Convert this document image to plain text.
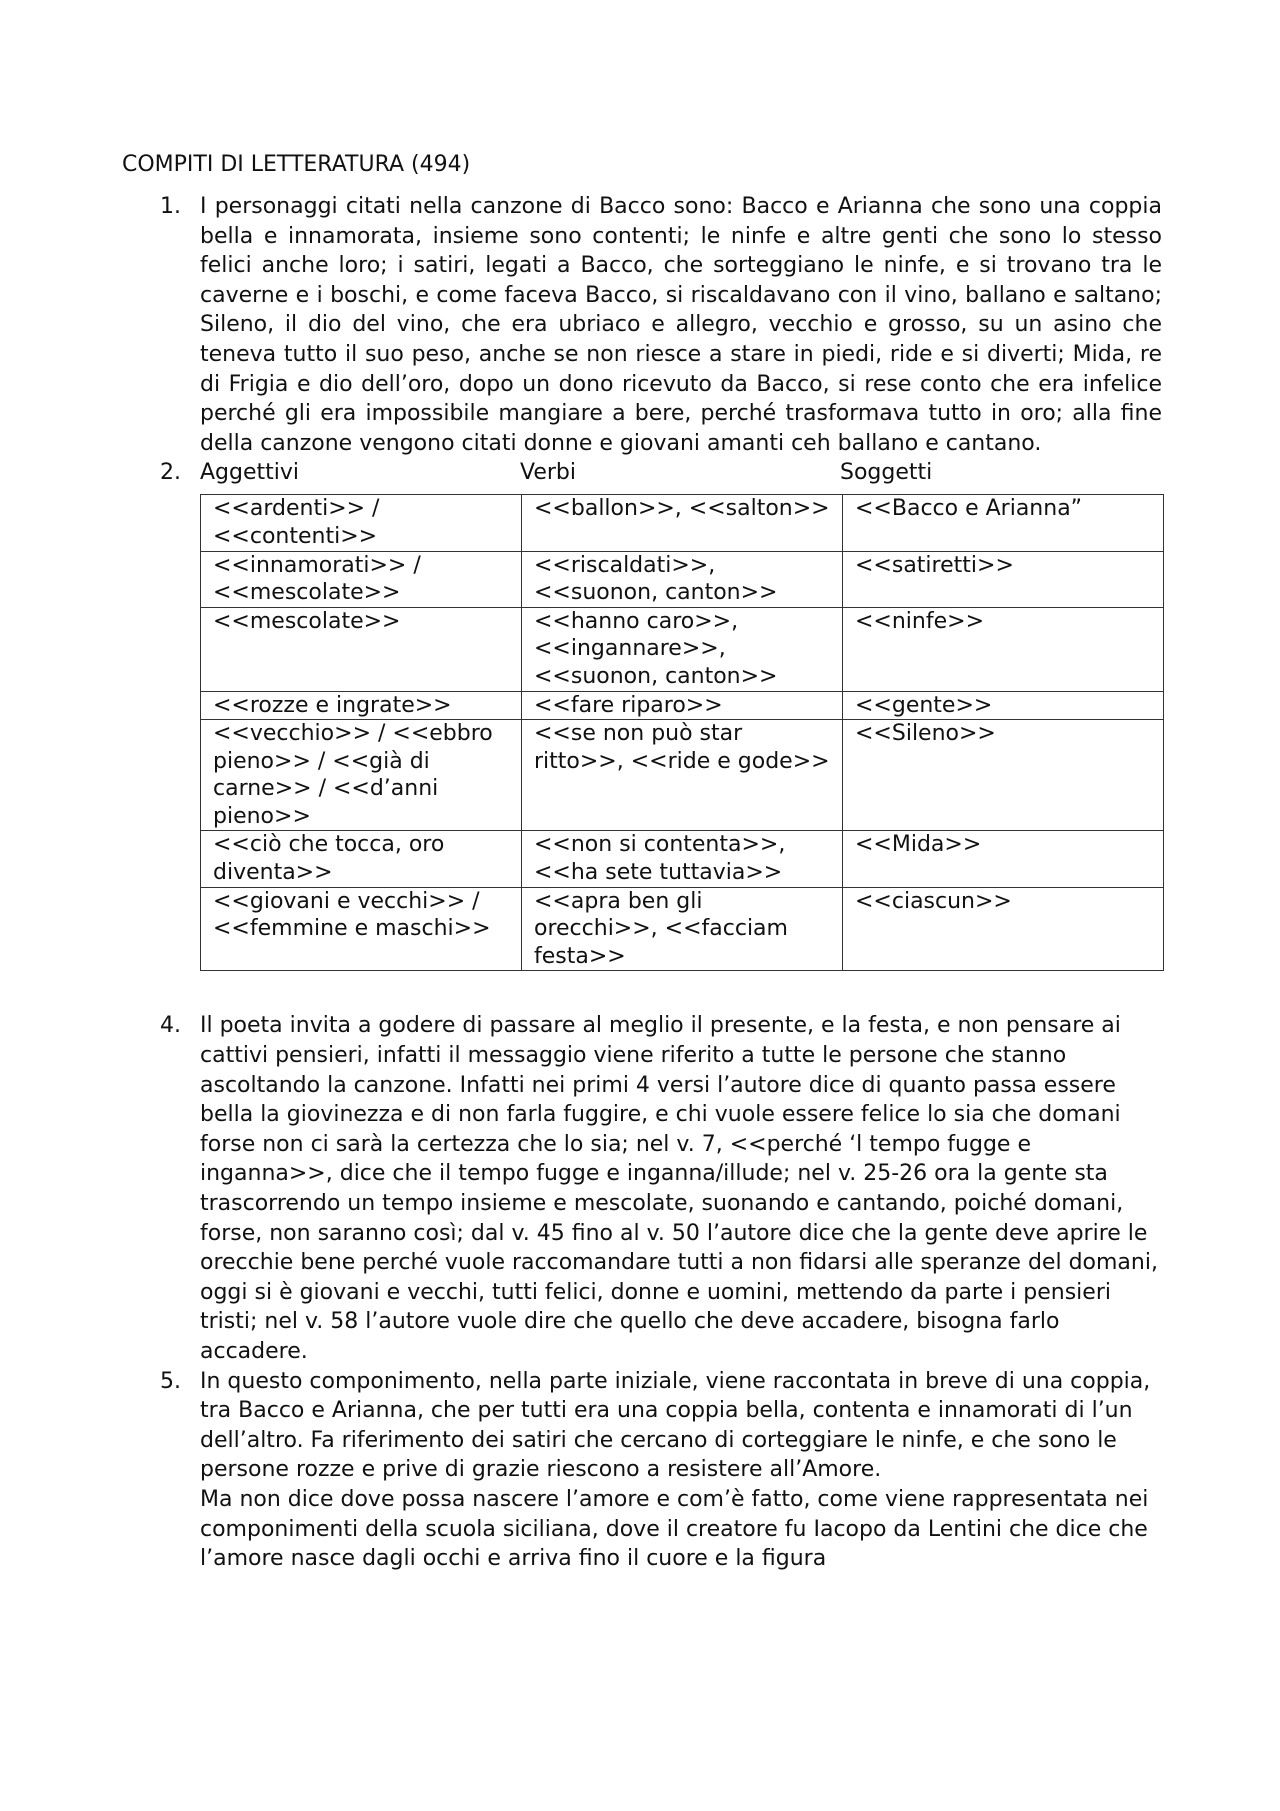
COMPITI DI LETTERATURA (494)
1. I personaggi citati nella canzone di Bacco sono: Bacco e Arianna che sono una coppia bella e innamorata, insieme sono contenti; le ninfe e altre genti che sono lo stesso felici anche loro; i satiri, legati a Bacco, che sorteggiano le ninfe, e si trovano tra le caverne e i boschi, e come faceva Bacco, si riscaldavano con il vino, ballano e saltano; Sileno, il dio del vino, che era ubriaco e allegro, vecchio e grosso, su un asino che teneva tutto il suo peso, anche se non riesce a stare in piedi, ride e si diverti; Mida, re di Frigia e dio dell’oro, dopo un dono ricevuto da Bacco, si rese conto che era infelice perché gli era impossibile mangiare a bere, perché trasformava tutto in oro; alla fine della canzone vengono citati donne e giovani amanti ceh ballano e cantano.
2. Aggettivi	Verbi	Soggetti
<<ardenti>> / <<contenti>>	<<ballon>>, <<salton>>	<<Bacco e Arianna”
<<innamorati>> / <<mescolate>>	<<riscaldati>>, <<suonon, canton>>	<<satiretti>>
<<mescolate>>	<<hanno caro>>, <<ingannare>>, <<suonon, canton>>	<<ninfe>>
<<rozze e ingrate>>	<<fare riparo>>	<<gente>>
<<vecchio>> / <<ebbro pieno>> / <<già di carne>> / <<d’anni pieno>>	<<se non può star ritto>>, <<ride e gode>>	<<Sileno>>
<<ciò che tocca, oro diventa>>	<<non si contenta>>, <<ha sete tuttavia>>	<<Mida>>
<<giovani e vecchi>> / <<femmine e maschi>>	<<apra ben gli orecchi>>, <<facciam festa>>	<<ciascun>>
4. Il poeta invita a godere di passare al meglio il presente, e la festa, e non pensare ai cattivi pensieri, infatti il messaggio viene riferito a tutte le persone che stanno ascoltando la canzone. Infatti nei primi 4 versi l’autore dice di quanto passa essere bella la giovinezza e di non farla fuggire, e chi vuole essere felice lo sia che domani forse non ci sarà la certezza che lo sia; nel v. 7, <<perché ‘l tempo fugge e inganna>>, dice che il tempo fugge e inganna/illude; nel v. 25-26 ora la gente sta trascorrendo un tempo insieme e mescolate, suonando e cantando, poiché domani, forse, non saranno così; dal v. 45 fino al v. 50 l’autore dice che la gente deve aprire le orecchie bene perché vuole raccomandare tutti a non fidarsi alle speranze del domani, oggi si è giovani e vecchi, tutti felici, donne e uomini, mettendo da parte i pensieri tristi; nel v. 58 l’autore vuole dire che quello che deve accadere, bisogna farlo accadere.
5. In questo componimento, nella parte iniziale, viene raccontata in breve di una coppia, tra Bacco e Arianna, che per tutti era una coppia bella, contenta e innamorati di l’un dell’altro. Fa riferimento dei satiri che cercano di corteggiare le ninfe, e che sono le persone rozze e prive di grazie riescono a resistere all’Amore.
Ma non dice dove possa nascere l’amore e com’è fatto, come viene rappresentata nei componimenti della scuola siciliana, dove il creatore fu Iacopo da Lentini che dice che l’amore nasce dagli occhi e arriva fino il cuore e la figura
